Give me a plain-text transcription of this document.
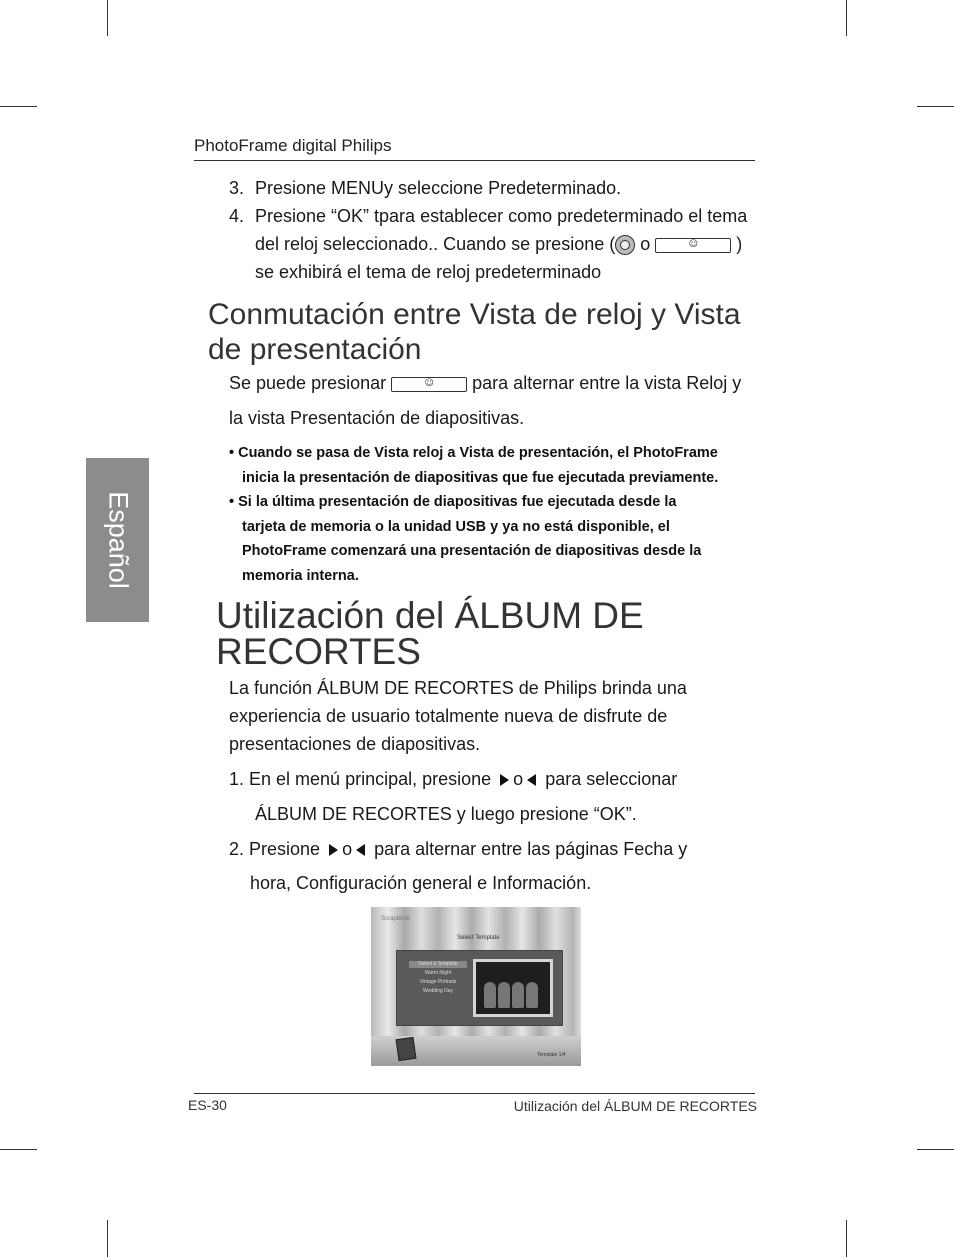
PhotoFrame digital Philips
Español
3. Presione MENUy seleccione Predeterminado.
4. Presione “OK” tpara establecer como predeterminado el tema
del reloj seleccionado.. Cuando se presione ( o ☺	)
se exhibirá el tema de reloj predeterminado
Conmutación entre Vista de reloj y Vista
de presentación
Se puede presionar ☺	para alternar entre la vista Reloj y
la vista Presentación de diapositivas.
• Cuando se pasa de Vista reloj a Vista de presentación, el PhotoFrame
inicia la presentación de diapositivas que fue ejecutada previamente.
• Si la última presentación de diapositivas fue ejecutada desde la
tarjeta de memoria o la unidad USB y ya no está disponible, el
PhotoFrame comenzará una presentación de diapositivas desde la
memoria interna.
Utilización del ÁLBUM DE
RECORTES
La función ÁLBUM DE RECORTES de Philips brinda una
experiencia de usuario totalmente nueva de disfrute de
presentaciones de diapositivas.
1. En el menú principal, presione o para seleccionar
ÁLBUM DE RECORTES y luego presione “OK”.
2. Presione o para alternar entre las páginas Fecha y
hora, Configuración general e Información.
Scrapbook
Select Template
Select a Template
Warm Night
Vintage Portraits
Wedding Day
Template 1/4
ES-30	Utilización del ÁLBUM DE RECORTES
